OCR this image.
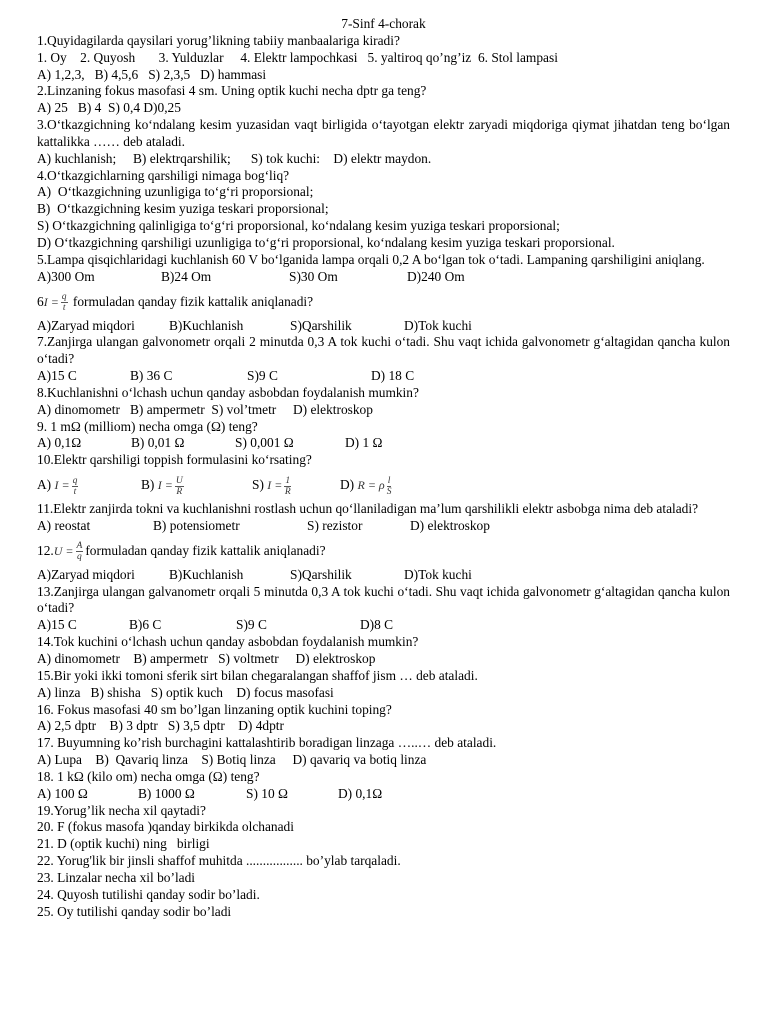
7-Sinf 4-chorak
1.Quyidagilarda qaysilari yorug’likning tabiiy manbaalariga kiradi?
1. Oy    2. Quyosh       3. Yulduzlar     4. Elektr lampochkasi   5. yaltiroq qo’ng’iz  6. Stol lampasi
A) 1,2,3,   B) 4,5,6   S) 2,3,5   D) hammasi
2.Linzaning fokus masofasi 4 sm. Uning optik kuchi necha dptr ga teng?
A) 25   B) 4  S) 0,4 D)0,25
3.O‘tkazgichning ko‘ndalang kesim yuzasidan vaqt birligida o‘tayotgan elektr zaryadi miqdoriga qiymat jihatdan teng bo‘lgan kattalikka …… deb ataladi.
A) kuchlanish;     B) elektrqarshilik;      S) tok kuchi:    D) elektr maydon.
4.O‘tkazgichlarning qarshiligi nimaga bog‘liq?
A)  O‘tkazgichning uzunligiga to‘g‘ri proporsional;
B)  O‘tkazgichning kesim yuziga teskari proporsional;
S) O‘tkazgichning qalinligiga to‘g‘ri proporsional, ko‘ndalang kesim yuziga teskari proporsional;
D) O‘tkazgichning qarshiligi uzunligiga to‘g‘ri proporsional, ko‘ndalang kesim yuziga teskari proporsional.
5.Lampa qisqichlaridagi kuchlanish 60 V bo‘lganida lampa orqali 0,2 A bo‘lgan tok o‘tadi. Lampaning qarshiligini aniqlang.
A)300 Om	B)24 Om	S)30 Om	D)240 Om
$6I = \frac{q}{t}$ formuladan qanday fizik kattalik aniqlanadi?
A)Zaryad miqdori	B)Kuchlanish	S)Qarshilik	D)Tok kuchi
7.Zanjirga ulangan galvonometr orqali 2 minutda 0,3 A tok kuchi o‘tadi. Shu vaqt ichida galvonometr g‘altagidan qancha kulon o‘tadi?
A)15 C	B) 36 C	S)9 C	D) 18 C
8.Kuchlanishni o‘lchash uchun qanday asbobdan foydalanish mumkin?
A) dinomometr   B) ampermetr  S) vol’tmetr     D) elektroskop
9. 1 mΩ (milliom) necha omga (Ω) teng?
A) 0,1Ω	B) 0,01 Ω	S) 0,001 Ω	D) 1 Ω
10.Elektr qarshiligi toppish formulasini ko‘rsating?
A) $I = \frac{q}{t}$	B) $I = \frac{U}{R}$	S) $I = \frac{1}{R}$	D) R = ρ $\frac{l}{S}$
11.Elektr zanjirda tokni va kuchlanishni rostlash uchun qo‘llaniladigan ma’lum qarshilikli elektr asbobga nima deb ataladi?
A) reostat	B) potensiometr	S) rezistor	D) elektroskop
$12.U = \frac{A}{q}$ formuladan qanday fizik kattalik aniqlanadi?
A)Zaryad miqdori	B)Kuchlanish	S)Qarshilik	D)Tok kuchi
13.Zanjirga ulangan galvanometr orqali 5 minutda 0,3 A tok kuchi o‘tadi. Shu vaqt ichida galvonometr g‘altagidan qancha kulon o‘tadi?
A)15 C	B)6 C	S)9 C	D)8 C
14.Tok kuchini o‘lchash uchun qanday asbobdan foydalanish mumkin?
A) dinomometr    B) ampermetr   S) voltmetr     D) elektroskop
15.Bir yoki ikki tomoni sferik sirt bilan chegaralangan shaffof jism … deb ataladi.
A) linza   B) shisha   S) optik kuch    D) focus masofasi
16. Fokus masofasi 40 sm bo’lgan linzaning optik kuchini toping?
A) 2,5 dptr    B) 3 dptr   S) 3,5 dptr    D) 4dptr
17. Buyumning ko’rish burchagini kattalashtirib boradigan linzaga …..… deb ataladi.
A) Lupa    B)  Qavariq linza    S) Botiq linza     D) qavariq va botiq linza
18. 1 kΩ (kilo om) necha omga (Ω) teng?
A) 100 Ω	B) 1000 Ω	S) 10 Ω	D) 0,1Ω
19.Yorug’lik necha xil qaytadi?
20. F (fokus masofa )qanday birkikda olchanadi
21. D (optik kuchi) ning   birligi
22. Yorug'lik bir jinsli shaffof muhitda ................. bo’ylab tarqaladi.
23. Linzalar necha xil bo’ladi
24. Quyosh tutilishi qanday sodir bo’ladi.
25. Oy tutilishi qanday sodir bo’ladi
